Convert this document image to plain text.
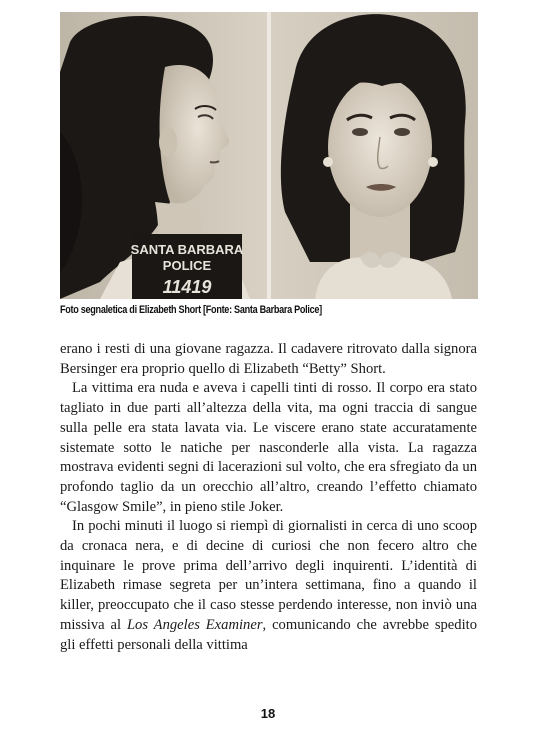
SANTA BARBARA
POLICE
11419
Foto segnaletica di Elizabeth Short [Fonte: Santa Barbara Police]

erano i resti di una giovane ragazza. Il cadavere ritrovato dalla signora Bersinger era proprio quello di Elizabeth “Betty” Short.

La vittima era nuda e aveva i capelli tinti di rosso. Il corpo era stato tagliato in due parti all’altezza della vita, ma ogni traccia di sangue sulla pelle era stata lavata via. Le viscere erano state accuratamente sistemate sotto le natiche per nasconderle alla vista. La ragazza mostrava evidenti segni di lacerazioni sul volto, che era sfregiato da un profondo taglio da un orecchio all’altro, creando l’effetto chiamato “Glasgow Smile”, in pieno stile Joker.

In pochi minuti il luogo si riempì di giornalisti in cerca di uno scoop da cronaca nera, e di decine di curiosi che non fecero altro che inquinare le prove prima dell’arrivo degli inquirenti. L’identità di Elizabeth rimase segreta per un’intera settimana, fino a quando il killer, preoccupato che il caso stesse perdendo interesse, non inviò una missiva al Los Angeles Examiner, comunicando che avrebbe spedito gli effetti personali della vittima

18
